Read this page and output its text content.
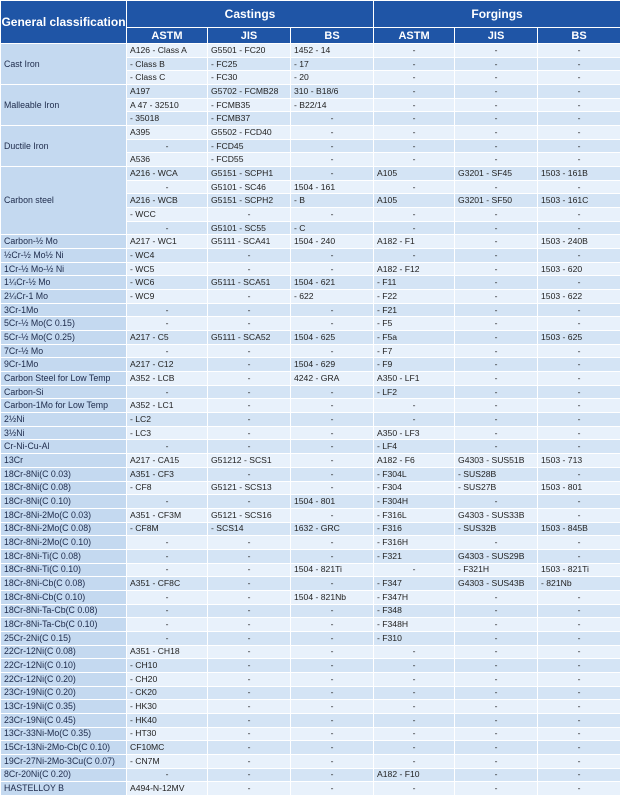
General classification	Castings			Forgings		
	ASTM	JIS	BS	ASTM	JIS	BS
Cast Iron	A126 - Class A	G5501 - FC20	1452 - 14	-	-	-
	- Class B	- FC25	- 17	-	-	-
	- Class C	- FC30	- 20	-	-	-
Malleable Iron	A197	G5702 - FCMB28	310 - B18/6	-	-	-
	A 47 - 32510	- FCMB35	- B22/14	-	-	-
	- 35018	- FCMB37	-	-	-	-
Ductile Iron	A395	G5502 - FCD40	-	-	-	-
	-	- FCD45	-	-	-	-
	A536	- FCD55	-	-	-	-
Carbon steel	A216 - WCA	G5151 - SCPH1	-	A105	G3201 - SF45	1503 - 161B
	-	G5101 - SC46	1504 - 161	-	-	-
	A216 - WCB	G5151 - SCPH2	- B	A105	G3201 - SF50	1503 - 161C
	- WCC	-	-	-	-	-
	-	G5101 - SC55	- C	-	-	-
Carbon-½ Mo	A217 - WC1	G5111 - SCA41	1504 - 240	A182 - F1	-	1503 - 240B
½Cr-½ Mo½ Ni	- WC4	-	-	-	-	-
1Cr-½ Mo-½ Ni	- WC5	-	-	A182 - F12	-	1503 - 620
1¼Cr-½ Mo	- WC6	G5111 - SCA51	1504 - 621	- F11	-	-
2¼Cr-1 Mo	- WC9	-	- 622	- F22	-	1503 - 622
3Cr-1Mo	-	-	-	- F21	-	-
5Cr-½ Mo(C 0.15)	-	-	-	- F5	-	-
5Cr-½ Mo(C 0.25)	A217 - C5	G5111 - SCA52	1504 - 625	- F5a	-	1503 - 625
7Cr-½ Mo	-	-	-	- F7	-	-
9Cr-1Mo	A217 - C12	-	1504 - 629	- F9	-	-
Carbon Steel for Low Temp	A352 - LCB	-	4242 - GRA	A350 - LF1	-	-
Carbon-Si	-	-	-	- LF2	-	-
Carbon-1Mo for Low Temp	A352 - LC1	-	-	-	-	-
2½Ni	- LC2	-	-	-	-	-
3½Ni	- LC3	-	-	A350 - LF3	-	-
Cr-Ni-Cu-Al	-	-	-	- LF4	-	-
13Cr	A217 - CA15	G51212 - SCS1	-	A182 - F6	G4303 - SUS51B	1503 - 713
18Cr-8Ni(C 0.03)	A351 - CF3	-	-	- F304L	- SUS28B	-
18Cr-8Ni(C 0.08)	- CF8	G5121 - SCS13	-	- F304	- SUS27B	1503 - 801
18Cr-8Ni(C 0.10)	-	-	1504 - 801	- F304H	-	-
18Cr-8Ni-2Mo(C 0.03)	A351 - CF3M	G5121 - SCS16	-	- F316L	G4303 - SUS33B	-
18Cr-8Ni-2Mo(C 0.08)	- CF8M	- SCS14	1632 - GRC	- F316	- SUS32B	1503 - 845B
18Cr-8Ni-2Mo(C 0.10)	-	-	-	- F316H	-	-
18Cr-8Ni-Ti(C 0.08)	-	-	-	- F321	G4303 - SUS29B	-
18Cr-8Ni-Ti(C 0.10)	-	-	1504 - 821Ti	-	- F321H	1503 - 821Ti
18Cr-8Ni-Cb(C 0.08)	A351 - CF8C	-	-	- F347	G4303 - SUS43B	- 821Nb
18Cr-8Ni-Cb(C 0.10)	-	-	1504 - 821Nb	- F347H	-	-
18Cr-8Ni-Ta-Cb(C 0.08)	-	-	-	- F348	-	-
18Cr-8Ni-Ta-Cb(C 0.10)	-	-	-	- F348H	-	-
25Cr-2Ni(C 0.15)	-	-	-	- F310	-	-
22Cr-12Ni(C 0.08)	A351 - CH18	-	-	-	-	-
22Cr-12Ni(C 0.10)	- CH10	-	-	-	-	-
22Cr-12Ni(C 0.20)	- CH20	-	-	-	-	-
23Cr-19Ni(C 0.20)	- CK20	-	-	-	-	-
13Cr-19Ni(C 0.35)	- HK30	-	-	-	-	-
23Cr-19Ni(C 0.45)	- HK40	-	-	-	-	-
13Cr-33Ni-Mo(C 0.35)	- HT30	-	-	-	-	-
15Cr-13Ni-2Mo-Cb(C 0.10)	CF10MC	-	-	-	-	-
19Cr-27Ni-2Mo-3Cu(C 0.07)	- CN7M	-	-	-	-	-
8Cr-20Ni(C 0.20)	-	-	-	A182 - F10	-	-
HASTELLOY B	A494-N-12MV	-	-	-	-	-
